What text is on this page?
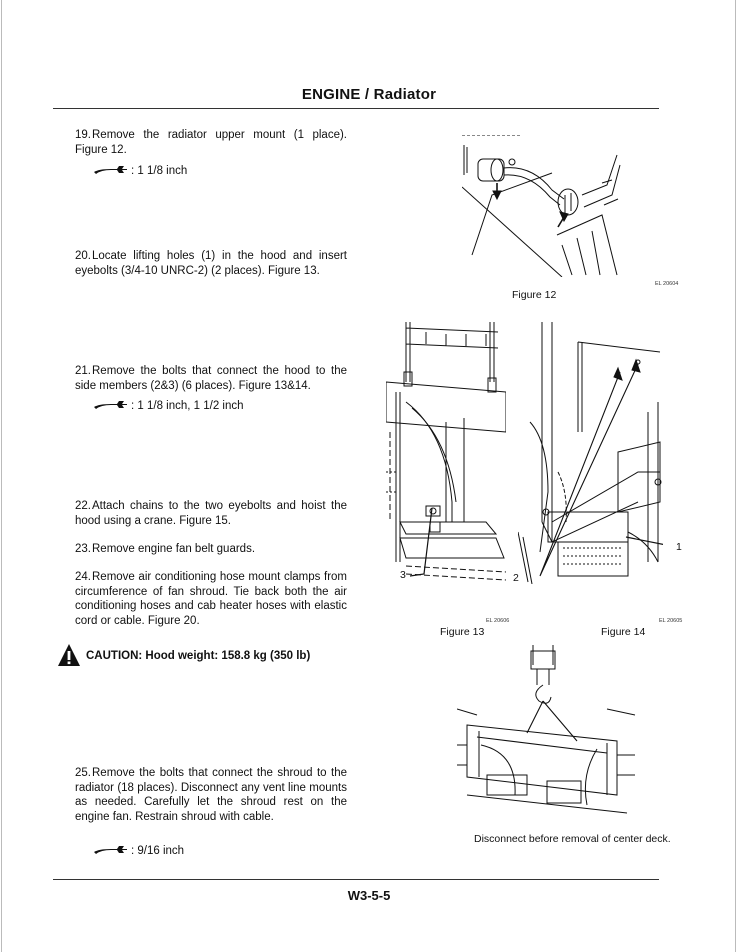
ENGINE / Radiator
19.Remove the radiator upper mount (1 place). Figure 12.
: 1 1/8 inch
20.Locate lifting holes (1) in the hood and insert eyebolts (3/4-10 UNRC-2) (2 places). Figure 13.
21.Remove the bolts that connect the hood to the side members (2&3) (6 places). Figure 13&14.
: 1 1/8 inch, 1 1/2 inch
22.Attach chains to the two eyebolts and hoist the hood using a crane. Figure 15.
23.Remove engine fan belt guards.
24.Remove air conditioning hose mount clamps from circumference of fan shroud. Tie back both the air conditioning hoses and cab heater hoses with elastic cord or cable. Figure 20.
CAUTION: Hood weight: 158.8 kg (350 lb)
25.Remove the bolts that connect the shroud to the radiator (18 places). Disconnect any vent line mounts as needed. Carefully let the shroud rest on the engine fan. Restrain shroud with cable.
: 9/16 inch
EL 20604
Figure 12
3
EL 20606
Figure 13
1
2
EL 20605
Figure 14
Disconnect before removal of center deck.
W3-5-5
